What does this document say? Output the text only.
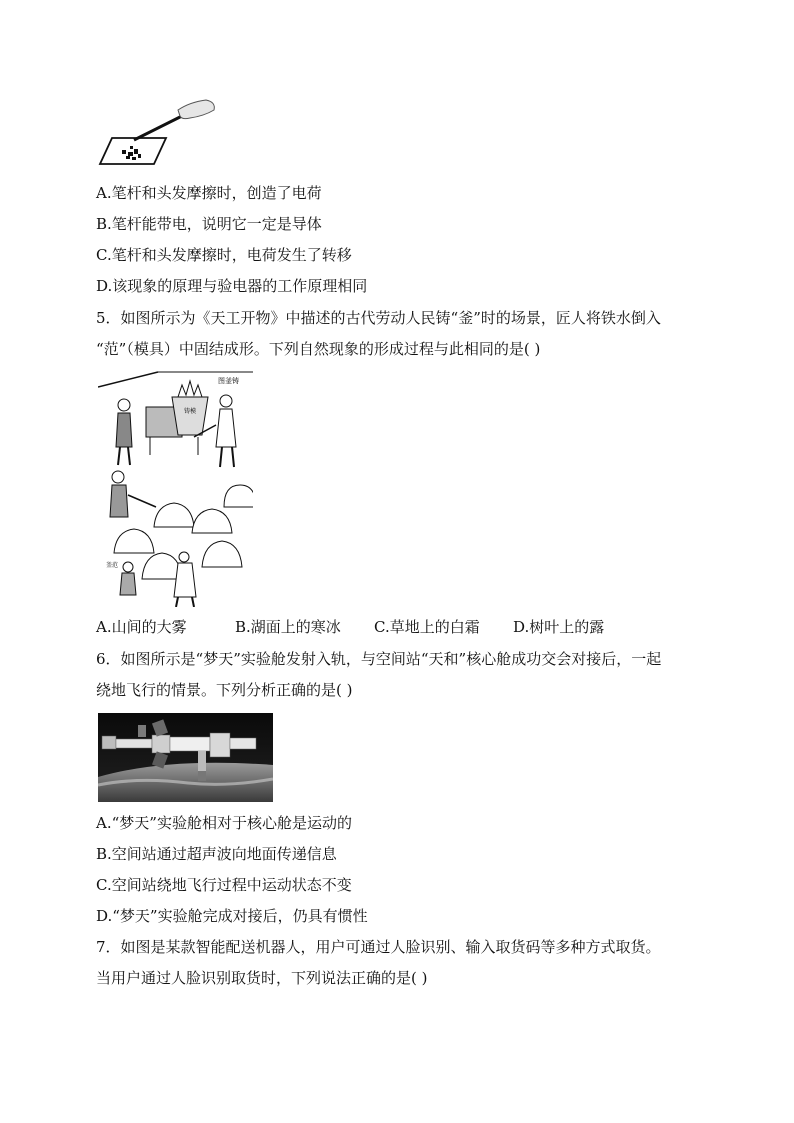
A.笔杆和头发摩擦时，创造了电荷
B.笔杆能带电，说明它一定是导体
C.笔杆和头发摩擦时，电荷发生了转移
D.该现象的原理与验电器的工作原理相同
5．如图所示为《天工开物》中描述的古代劳动人民铸“釜”时的场景，匠人将铁水倒入
“范”（模具）中固结成形。下列自然现象的形成过程与此相同的是( )
图釜铸
铸模
釜范
A.山间的大雾	B.湖面上的寒冰 C.草地上的白霜 D.树叶上的露
6．如图所示是“梦天”实验舱发射入轨，与空间站“天和”核心舱成功交会对接后，一起
绕地飞行的情景。下列分析正确的是( )
A.“梦天”实验舱相对于核心舱是运动的
B.空间站通过超声波向地面传递信息
C.空间站绕地飞行过程中运动状态不变
D.“梦天”实验舱完成对接后，仍具有惯性
7．如图是某款智能配送机器人，用户可通过人脸识别、输入取货码等多种方式取货。
当用户通过人脸识别取货时，下列说法正确的是( )
